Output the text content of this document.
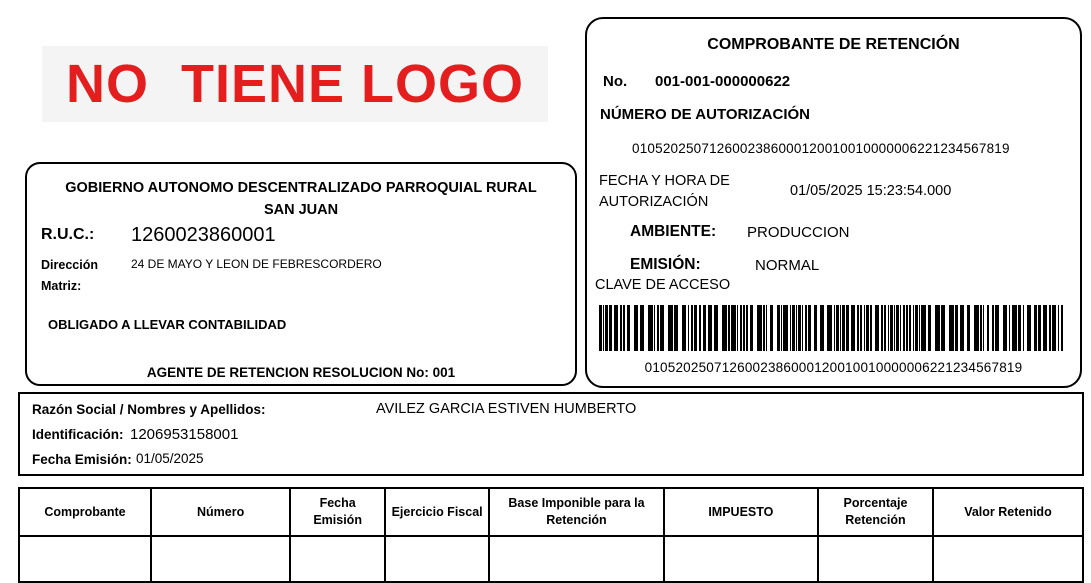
NO  TIENE LOGO
GOBIERNO AUTONOMO DESCENTRALIZADO PARROQUIAL RURAL SAN JUAN
R.U.C.: 1260023860001
Dirección Matriz:
24 DE MAYO Y LEON DE FEBRESCORDERO
OBLIGADO A LLEVAR CONTABILIDAD
AGENTE DE RETENCION RESOLUCION No: 001
COMPROBANTE DE RETENCIÓN
No. 001-001-000000622
NÚMERO DE AUTORIZACIÓN
0105202507126002386000120010010000006221234567819
FECHA Y HORA DE AUTORIZACIÓN
01/05/2025 15:23:54.000
AMBIENTE: PRODUCCION
EMISIÓN:	NORMAL
CLAVE DE ACCESO
0105202507126002386000120010010000006221234567819
Razón Social / Nombres y Apellidos:	AVILEZ GARCIA ESTIVEN HUMBERTO
Identificación: 1206953158001
Fecha Emisión: 01/05/2025
Comprobante	Número	Fecha Emisión	Ejercicio Fiscal	Base Imponible para la Retención	IMPUESTO	Porcentaje Retención	Valor Retenido
